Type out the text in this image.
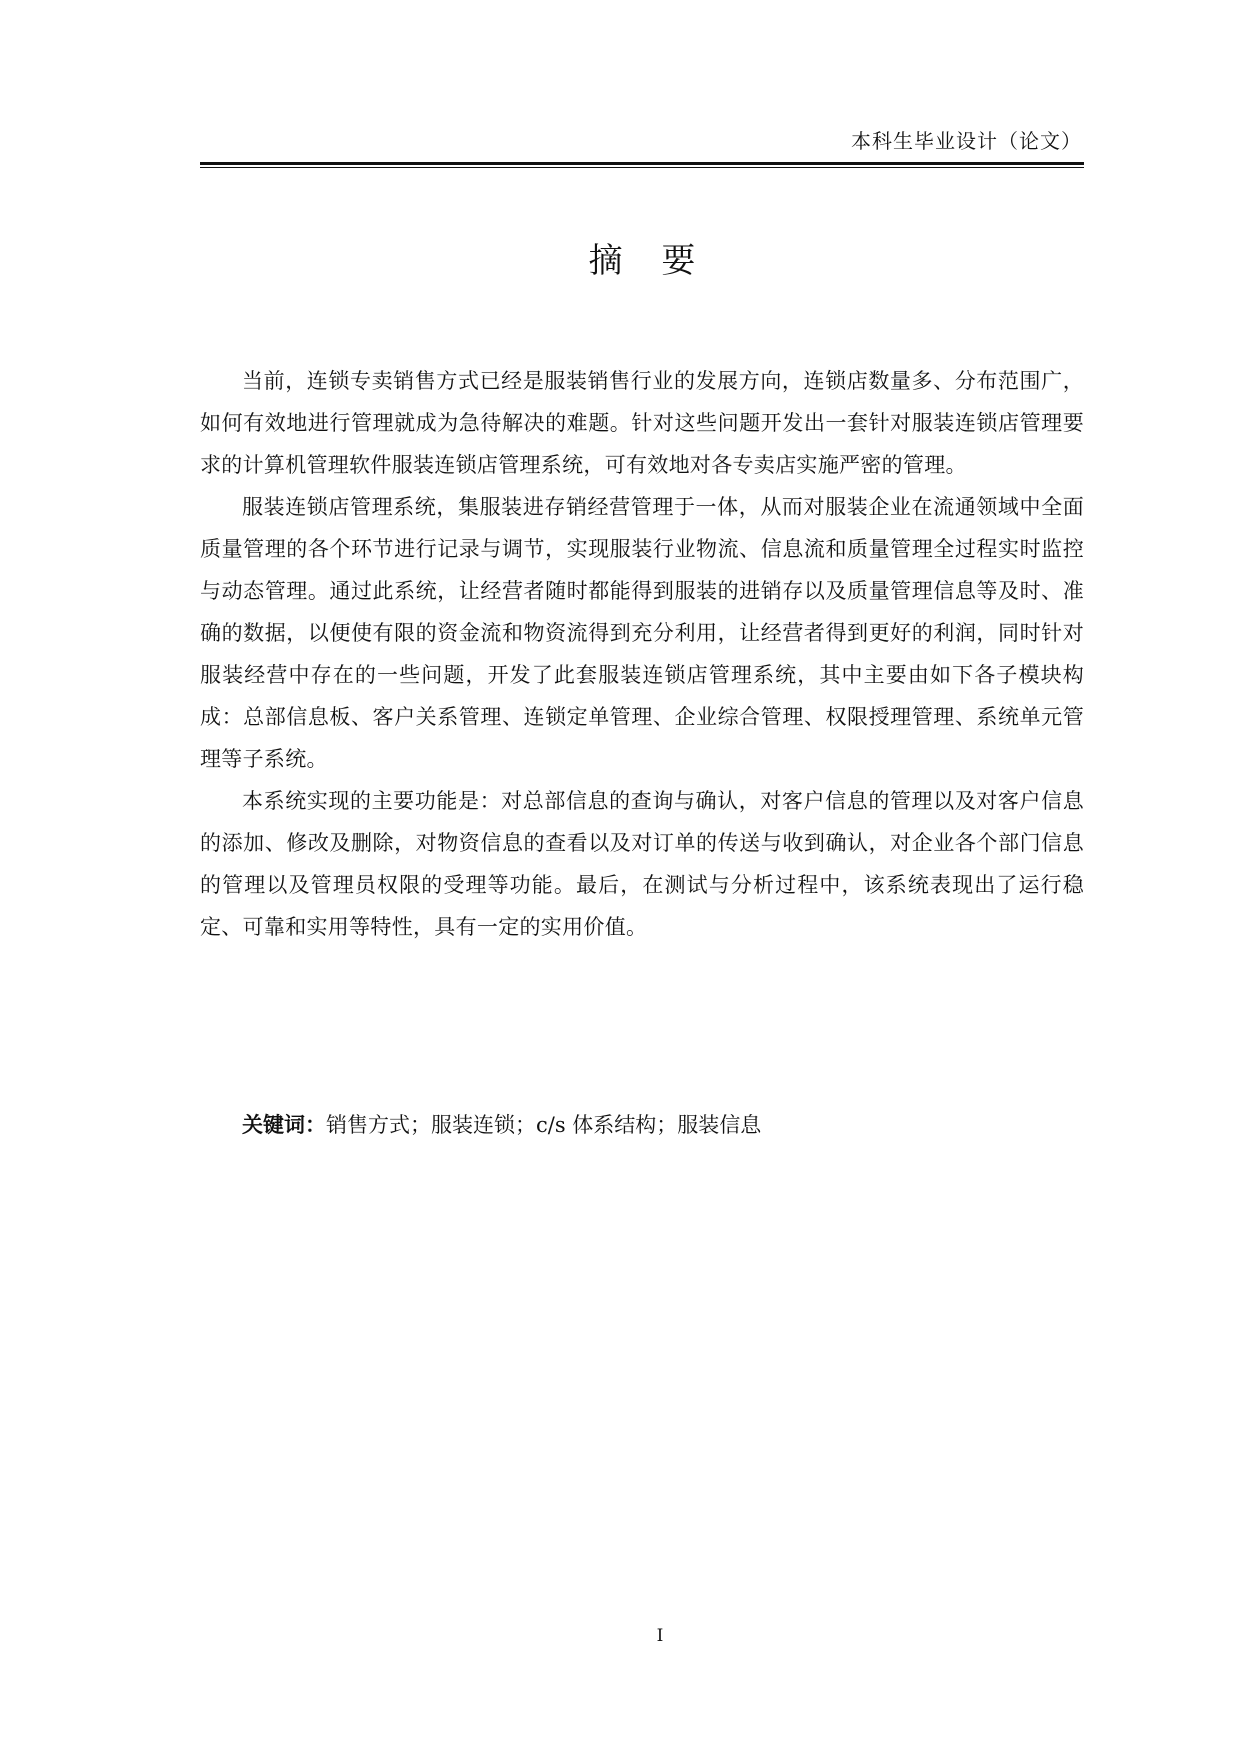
本科生毕业设计（论文）
摘 要

当前，连锁专卖销售方式已经是服装销售行业的发展方向，连锁店数量多、分布范围广，如何有效地进行管理就成为急待解决的难题。针对这些问题开发出一套针对服装连锁店管理要求的计算机管理软件服装连锁店管理系统，可有效地对各专卖店实施严密的管理。

服装连锁店管理系统，集服装进存销经营管理于一体，从而对服装企业在流通领域中全面质量管理的各个环节进行记录与调节，实现服装行业物流、信息流和质量管理全过程实时监控与动态管理。通过此系统，让经营者随时都能得到服装的进销存以及质量管理信息等及时、准确的数据，以便使有限的资金流和物资流得到充分利用，让经营者得到更好的利润，同时针对服装经营中存在的一些问题，开发了此套服装连锁店管理系统，其中主要由如下各子模块构成：总部信息板、客户关系管理、连锁定单管理、企业综合管理、权限授理管理、系统单元管理等子系统。

本系统实现的主要功能是：对总部信息的查询与确认，对客户信息的管理以及对客户信息的添加、修改及删除，对物资信息的查看以及对订单的传送与收到确认，对企业各个部门信息的管理以及管理员权限的受理等功能。最后，在测试与分析过程中，该系统表现出了运行稳定、可靠和实用等特性，具有一定的实用价值。

关键词：销售方式；服装连锁；c/s 体系结构；服装信息
I
